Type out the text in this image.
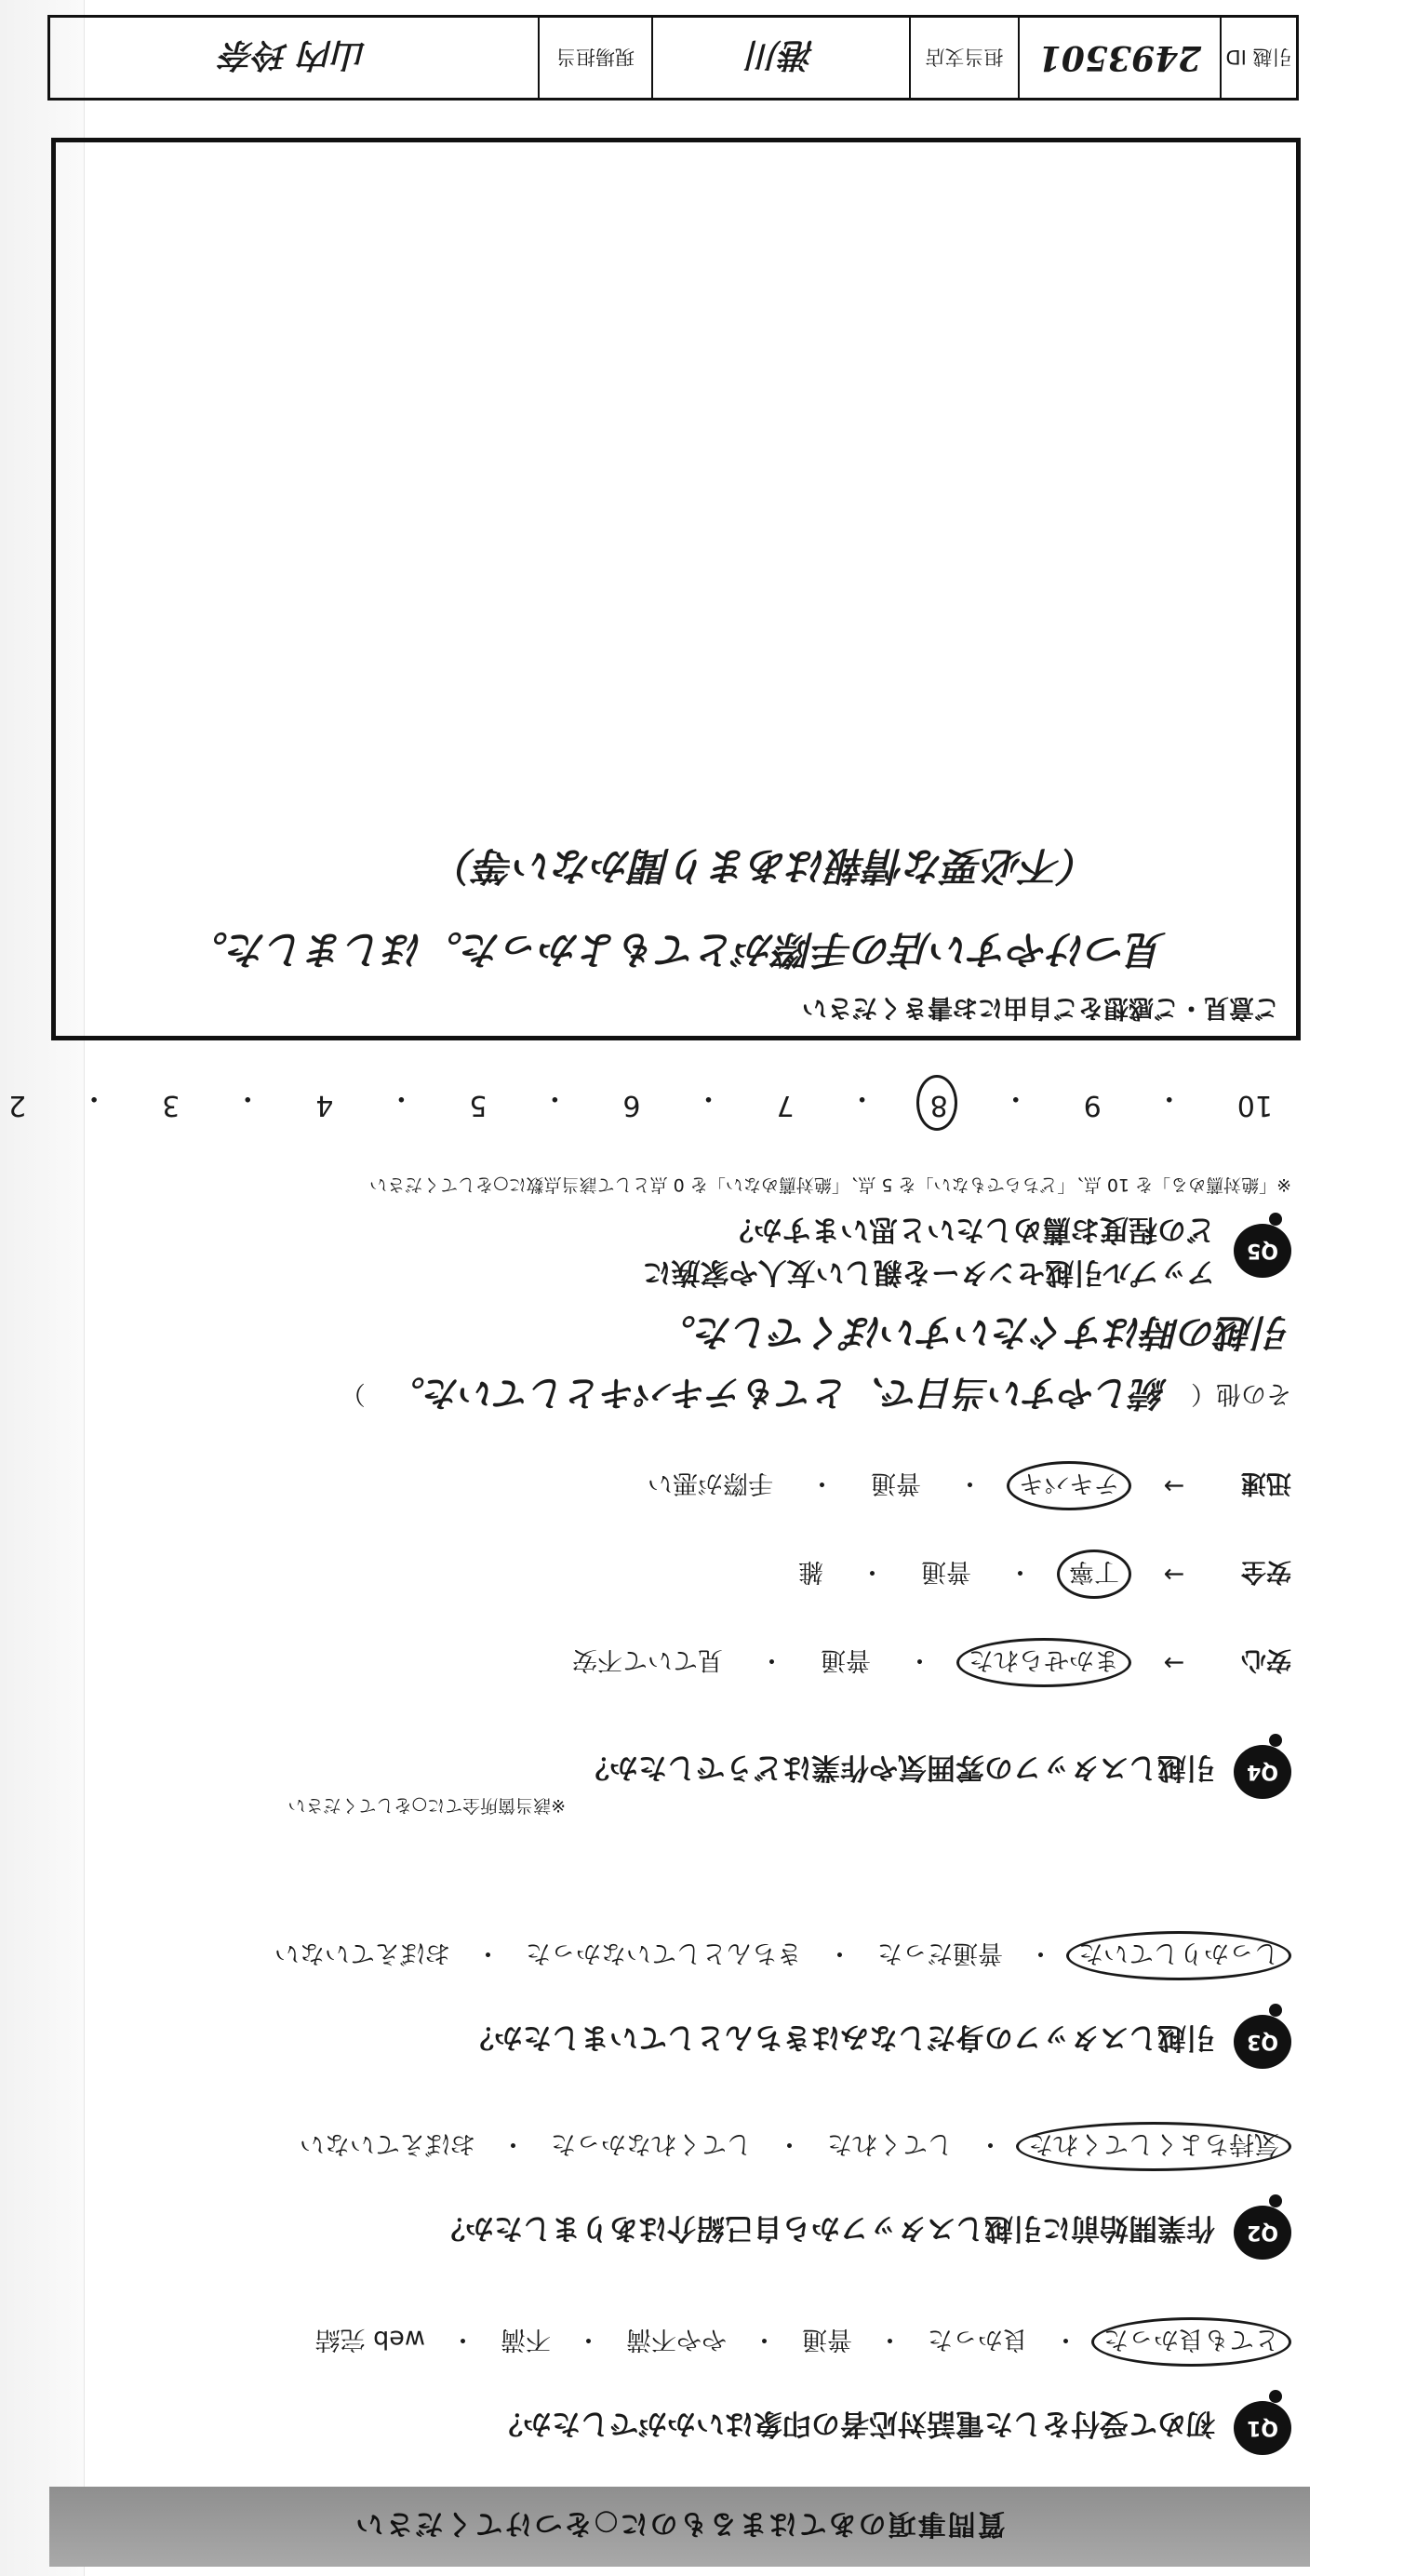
質問事項のあてはまるものに○をつけてください
Q1
初めて受付をした電話対応者の印象はいかがでしたか？
とても良かった
・
良かった
・
普通
・
やや不満
・
不満
・
web 完結
Q2
作業開始前に引越しスタッフから自己紹介はありましたか？
気持ちよくしてくれた
・
してくれた
・
してくれなかった
・
おぼえていない
Q3
引越しスタッフの身だしなみはきちんとしていましたか？
しっかりしていた
・
普通だった
・
きちんとしていなかった
・
おぼえていない
Q4
引越しスタッフの雰囲気や作業はどうでしたか？
※該当箇所全てに○をしてください
安心
→
まかせられた
・
普通
・
見ていて不安
安全
→
丁寧
・
普通
・
雑
迅速
→
テキパキ
・
普通
・
手際が悪い
その他（
続しやすい当日で、とてもテキパキとしていた。
）
引越の時はすぐたいすいぽくでした。
Q5
アップル引越センターを親しい友人や家族に
どの程度お薦めしたいと思いますか？
※「絶対薦める」を 10 点、「どちらでもない」を 5 点、「絶対薦めない」を 0 点として該当点数に○をしてください
10
・
9
・
8
・
7
・
6
・
5
・
4
・
3
・
2
ご意見・ご感想をご自由にお書きください
見つけやすい店の手際がとてもよかった。ほしました。
（不必要な情報はあまり聞かない等）
引越 ID
2493501
担当支店
港川
現場担当
山内 玲奈
